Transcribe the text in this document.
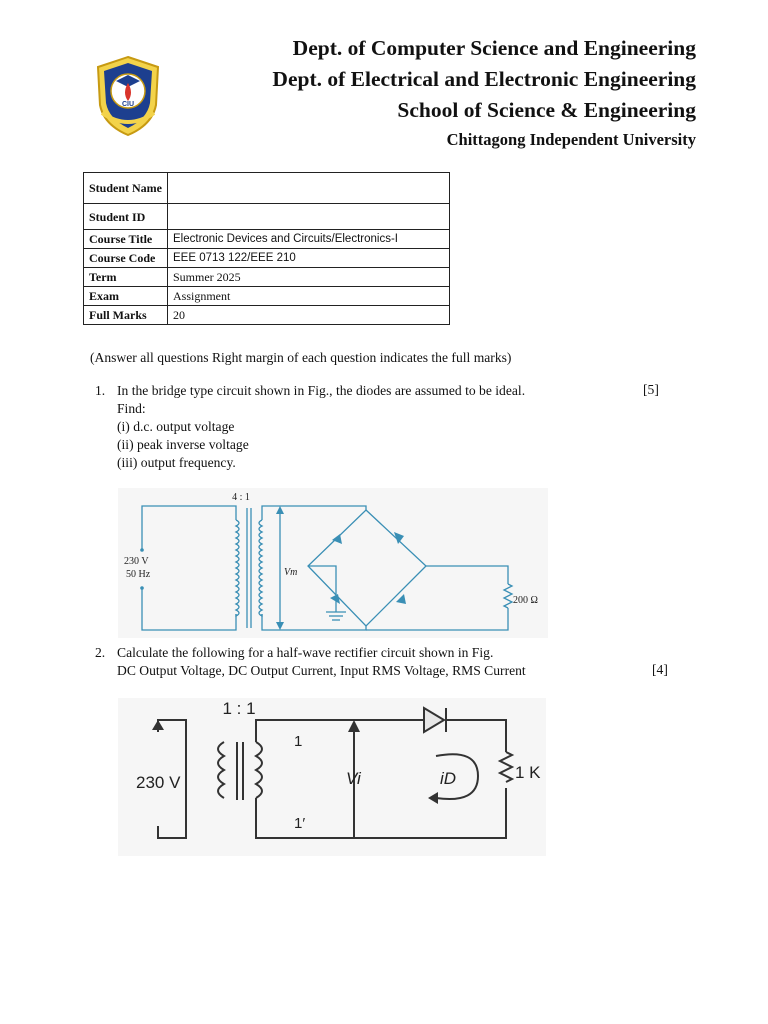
CIU
Dept. of Computer Science and Engineering
Dept. of Electrical and Electronic Engineering
School of Science & Engineering
Chittagong Independent University
Student Name	
Student ID	
Course Title	Electronic Devices and Circuits/Electronics-I
Course Code	EEE 0713 122/EEE 210
Term	Summer 2025
Exam	Assignment
Full Marks	20
(Answer all questions Right margin of each question indicates the full marks)
1. In the bridge type circuit shown in Fig., the diodes are assumed to be ideal.
Find:
(i) d.c. output voltage
(ii) peak inverse voltage
(iii) output frequency.
[5]
4 : 1
230 V
50 Hz	Vm
200 Ω
2. Calculate the following for a half-wave rectifier circuit shown in Fig.
DC Output Voltage, DC Output Current, Input RMS Voltage, RMS Current	[4]
1 : 1
230 V
1
1′
Vi	iD	1 K
